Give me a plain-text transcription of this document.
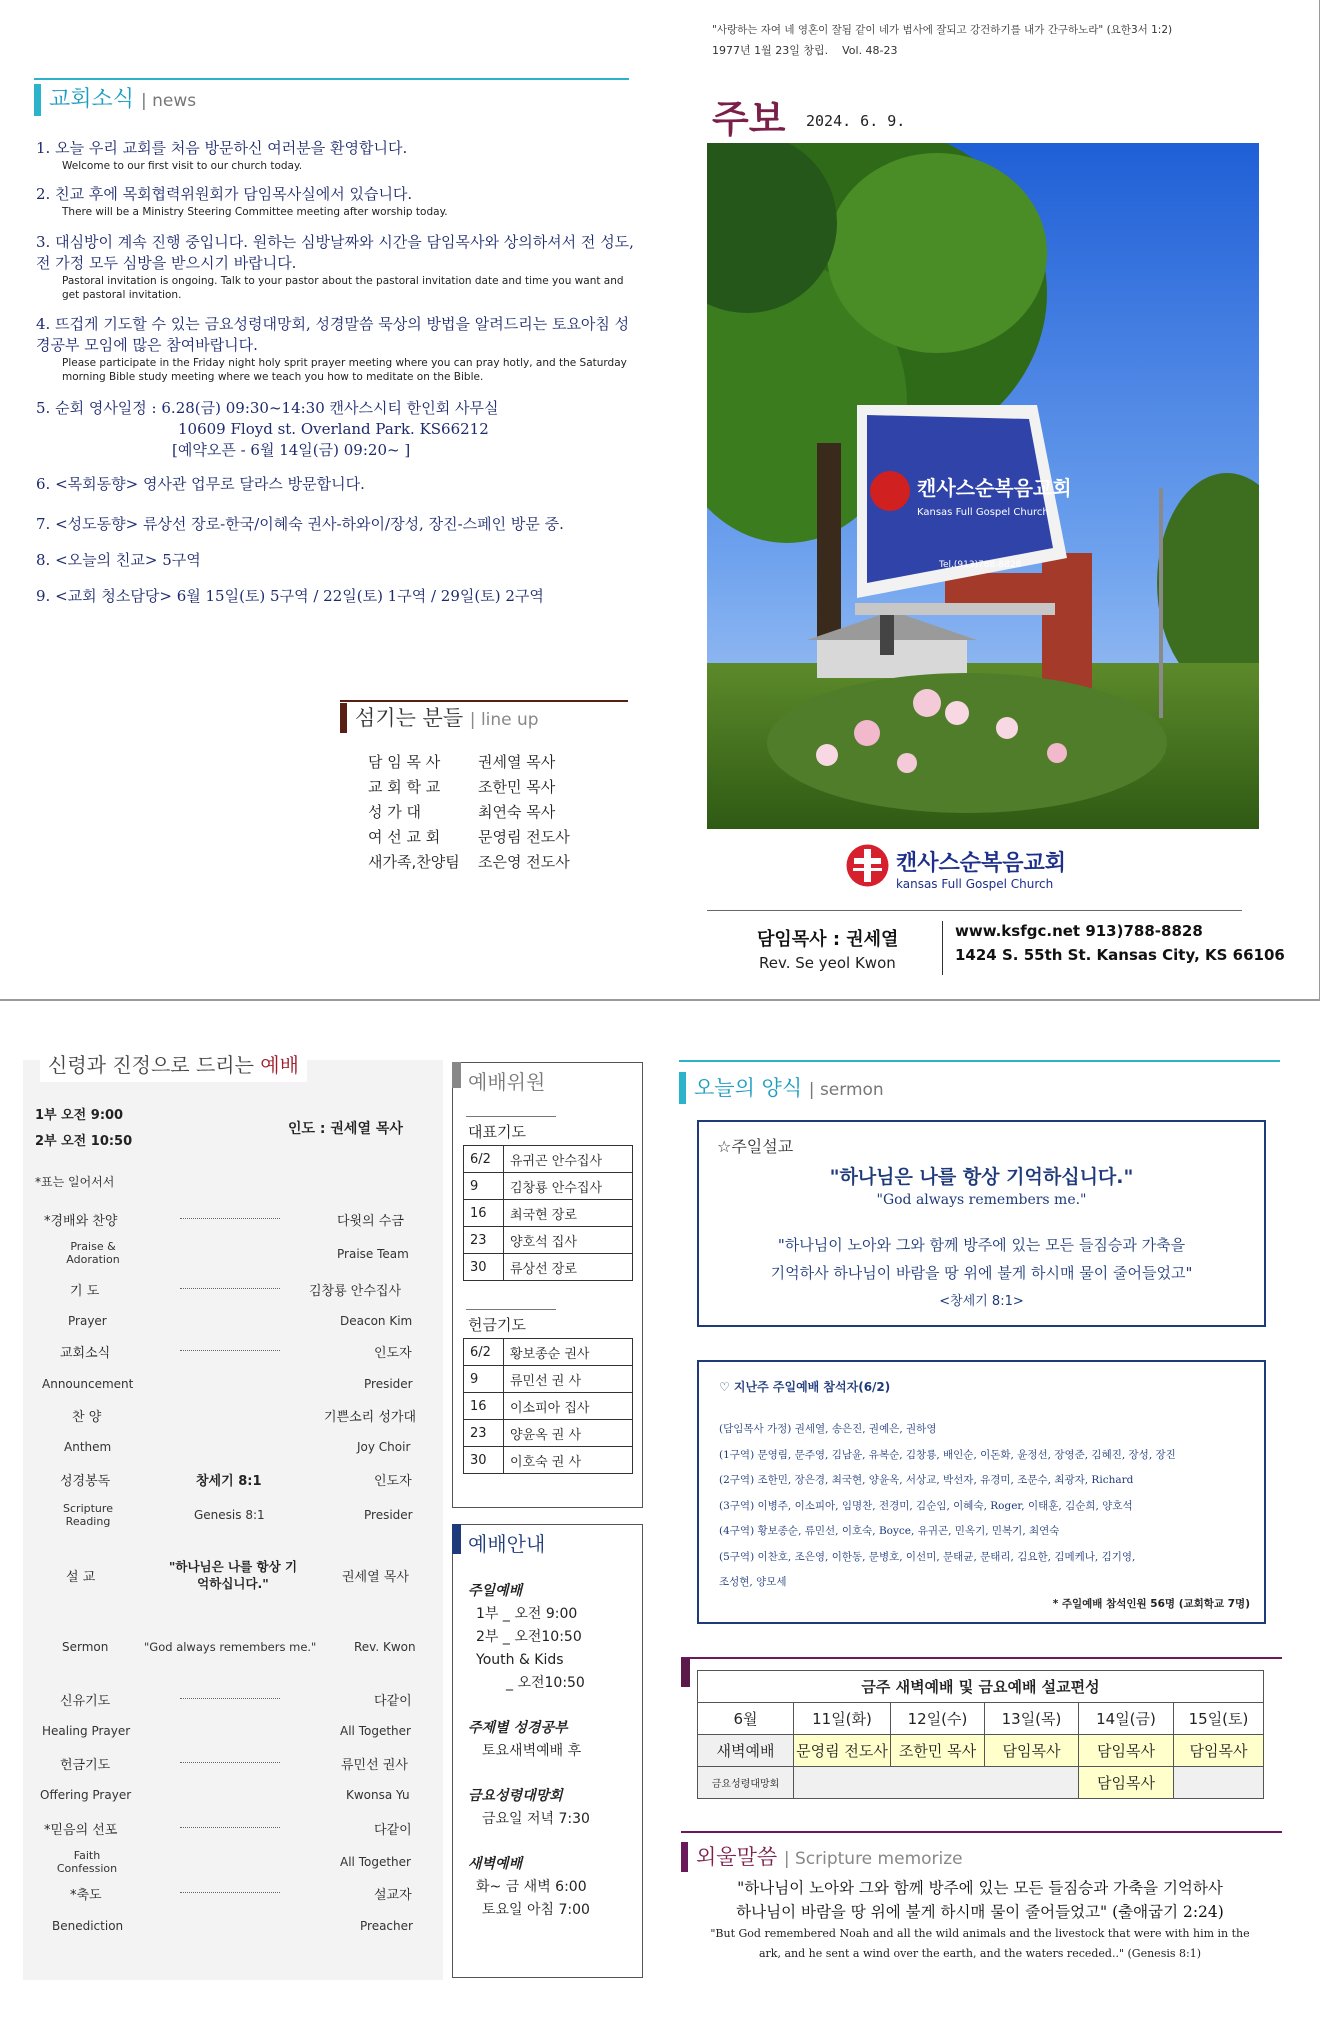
교회소식 | news
1. 오늘 우리 교회를 처음 방문하신 여러분을 환영합니다.
Welcome to our first visit to our church today.
2. 친교 후에 목회협력위원회가 담임목사실에서 있습니다.
There will be a Ministry Steering Committee meeting after worship today.
3. 대심방이 계속 진행 중입니다. 원하는 심방날짜와 시간을 담임목사와 상의하셔서 전 성도, 전 가정 모두 심방을 받으시기 바랍니다.
Pastoral invitation is ongoing. Talk to your pastor about the pastoral invitation date and time you want and get pastoral invitation.
4. 뜨겁게 기도할 수 있는 금요성령대망회, 성경말씀 묵상의 방법을 알려드리는 토요아침 성경공부 모임에 많은 참여바랍니다.
Please participate in the Friday night holy sprit prayer meeting where you can pray hotly, and the Saturday morning Bible study meeting where we teach you how to meditate on the Bible.
5. 순회 영사일정 : 6.28(금) 09:30~14:30 캔사스시티 한인회 사무실
10609 Floyd st. Overland Park. KS66212
[예약오픈 - 6월 14일(금) 09:20~ ]
6. <목회동향> 영사관 업무로 달라스 방문합니다.
7. <성도동향> 류상선 장로-한국/이혜숙 권사-하와이/장성, 장진-스페인 방문 중.
8. <오늘의 친교> 5구역
9. <교회 청소담당> 6월 15일(토) 5구역 / 22일(토) 1구역 / 29일(토) 2구역
섬기는 분들 | line up
담 임 목 사	권세열 목사
교 회 학 교	조한민 목사
성 가 대	최연숙 목사
여 선 교 회	문영림 전도사
새가족,찬양팀 조은영 전도사
"사랑하는 자여 네 영혼이 잘됨 같이 네가 범사에 잘되고 강건하기를 내가 간구하노라" (요한3서 1:2)
1977년 1월 23일 창립. Vol. 48-23
주보 2024. 6. 9.
캔사스순복음교회
Kansas Full Gospel Church
Tel.(913)788-8828
캔사스순복음교회
kansas Full Gospel Church
담임목사 : 권세열
Rev. Se yeol Kwon
www.ksfgc.net 913)788-8828
1424 S. 55th St. Kansas City, KS 66106
신령과 진정으로 드리는 예배
1부 오전 9:00
2부 오전 10:50
인도 : 권세열 목사
*표는 일어서서
*경배와 찬양	다윗의 수금
Praise & Adoration	Praise Team
기 도	김창룡 안수집사
Prayer	Deacon Kim
교회소식	인도자
Announcement	Presider
찬 양	기쁜소리 성가대
Anthem	Joy Choir
성경봉독	창세기 8:1	인도자
Scripture Reading	Genesis 8:1	Presider
설 교
"하나님은 나를 항상 기억하십니다."	권세열 목사
Sermon	"God always remembers me."	Rev. Kwon
신유기도	다같이
Healing Prayer	All Together
헌금기도	류민선 권사
Offering Prayer	Kwonsa Yu
*믿음의 선포	다같이
Faith Confession	All Together
*축도	설교자
Benediction	Preacher
예배위원
대표기도
6/2	유귀곤 안수집사
9	김창룡 안수집사
16	최국현 장로
23	양호석 집사
30	류상선 장로
헌금기도
6/2	황보종순 권사
9	류민선 권 사
16	이소피아 집사
23	양윤옥 권 사
30	이호숙 권 사
예배안내
주일예배
1부 _ 오전 9:00
2부 _ 오전10:50
Youth & Kids
_ 오전10:50
주제별 성경공부
토요새벽예배 후
금요성령대망회
금요일 저녁 7:30
새벽예배
화~ 금 새벽 6:00
토요일 아침 7:00
오늘의 양식 | sermon
☆주일설교
"하나님은 나를 항상 기억하십니다."
"God always remembers me."
"하나님이 노아와 그와 함께 방주에 있는 모든 들짐승과 가축을
기억하사 하나님이 바람을 땅 위에 불게 하시매 물이 줄어들었고"
<창세기 8:1>
♡ 지난주 주일예배 참석자(6/2)
(담임목사 가정) 권세열, 송은진, 권예은, 권하영
(1구역) 문영림, 문주영, 김남윤, 유복순, 김창룡, 배인순, 이돈화, 윤정선, 장영준, 김혜진, 장성, 장진
(2구역) 조한민, 장은경, 최국현, 양윤옥, 서상교, 박선자, 유경미, 조문수, 최광자, Richard
(3구역) 이병주, 이소피아, 임명찬, 전경미, 김순임, 이혜숙, Roger, 이태훈, 김순희, 양호석
(4구역) 황보종순, 류민선, 이호숙, Boyce, 유귀곤, 민옥기, 민복기, 최연숙
(5구역) 이찬호, 조은영, 이한동, 문병호, 이선미, 문태균, 문태리, 김요한, 김메케나, 김기영,
조성현, 양모세
* 주일예배 참석인원 56명 (교회학교 7명)
금주 새벽예배 및 금요예배 설교편성					
6월	11일(화)	12일(수)	13일(목)	14일(금)	15일(토)
새벽예배	문영림 전도사	조한민 목사	담임목사	담임목사	담임목사
금요성령대망회				담임목사	
외울말씀 | Scripture memorize
"하나님이 노아와 그와 함께 방주에 있는 모든 들짐승과 가축을 기억하사
하나님이 바람을 땅 위에 불게 하시매 물이 줄어들었고" (출애굽기 2:24)
"But God remembered Noah and all the wild animals and the livestock that were with him in the
ark, and he sent a wind over the earth, and the waters receded.." (Genesis 8:1)
